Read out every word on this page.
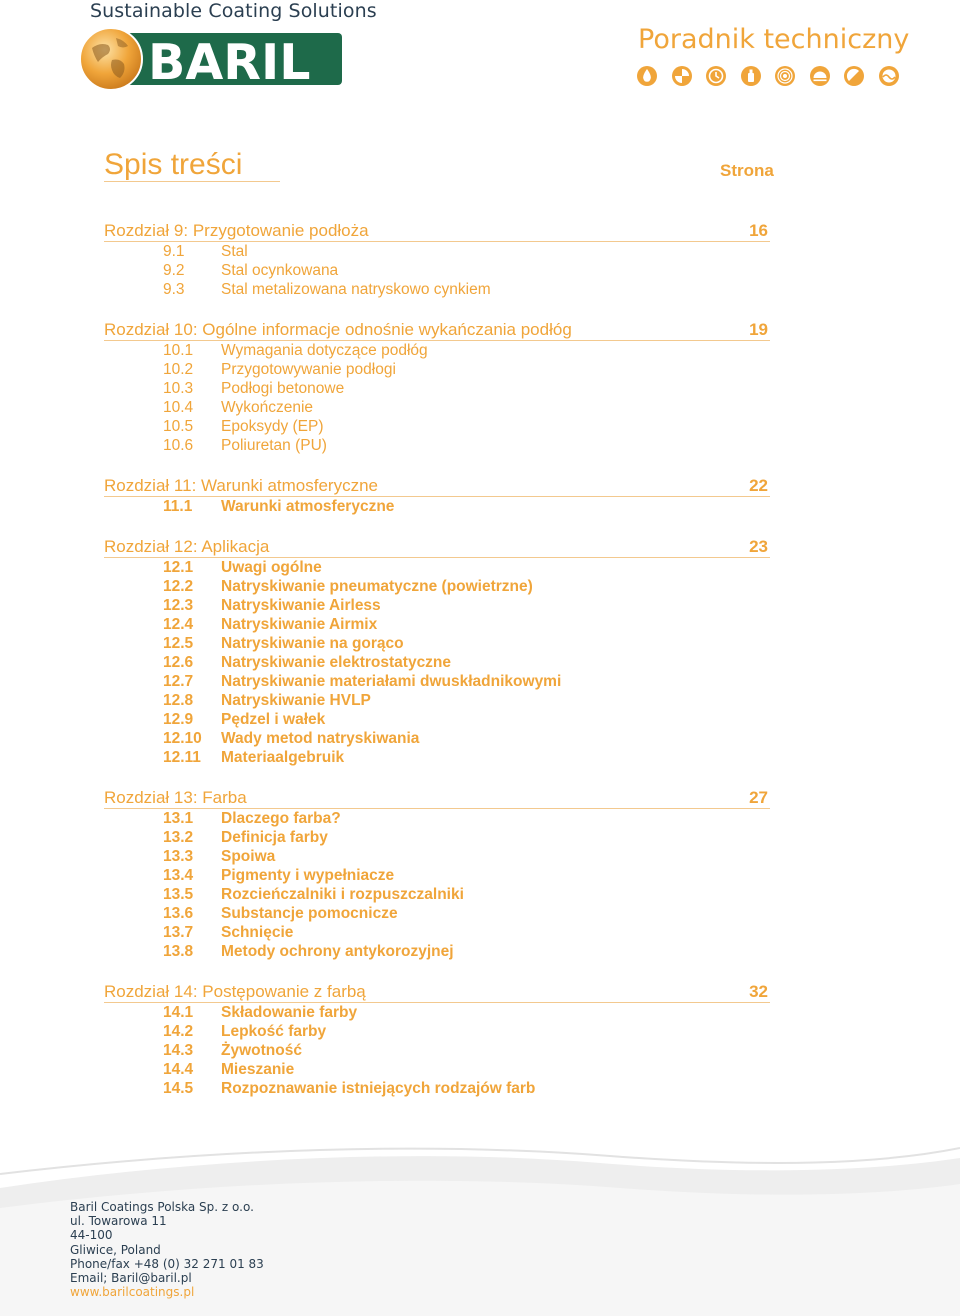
Sustainable Coating Solutions
BARIL	Poradnik techniczny
Spis treści	Strona
Rozdział 9: Przygotowanie podłoża	16
9.1 Stal
9.2 Stal ocynkowana
9.3 Stal metalizowana natryskowo cynkiem
Rozdział 10: Ogólne informacje odnośnie wykańczania podłóg	19
10.1 Wymagania dotyczące podłóg
10.2 Przygotowywanie podłogi
10.3 Podłogi betonowe
10.4 Wykończenie
10.5 Epoksydy (EP)
10.6 Poliuretan (PU)
Rozdział 11: Warunki atmosferyczne	22
11.1 Warunki atmosferyczne
Rozdział 12: Aplikacja	23
12.1 Uwagi ogólne
12.2 Natryskiwanie pneumatyczne (powietrzne)
12.3 Natryskiwanie Airless
12.4 Natryskiwanie Airmix
12.5 Natryskiwanie na gorąco
12.6 Natryskiwanie elektrostatyczne
12.7 Natryskiwanie materiałami dwuskładnikowymi
12.8 Natryskiwanie HVLP
12.9 Pędzel i wałek
12.10 Wady metod natryskiwania
12.11 Materiaalgebruik
Rozdział 13: Farba	27
13.1 Dlaczego farba?
13.2 Definicja farby
13.3 Spoiwa
13.4 Pigmenty i wypełniacze
13.5 Rozcieńczalniki i rozpuszczalniki
13.6 Substancje pomocnicze
13.7 Schnięcie
13.8 Metody ochrony antykorozyjnej
Rozdział 14: Postępowanie z farbą	32
14.1 Składowanie farby
14.2 Lepkość farby
14.3 Żywotność
14.4 Mieszanie
14.5 Rozpoznawanie istniejących rodzajów farb
Baril Coatings Polska Sp. z o.o.
ul. Towarowa 11
44-100
Gliwice, Poland
Phone/fax +48 (0) 32 271 01 83
Email; Baril@baril.pl
www.barilcoatings.pl
